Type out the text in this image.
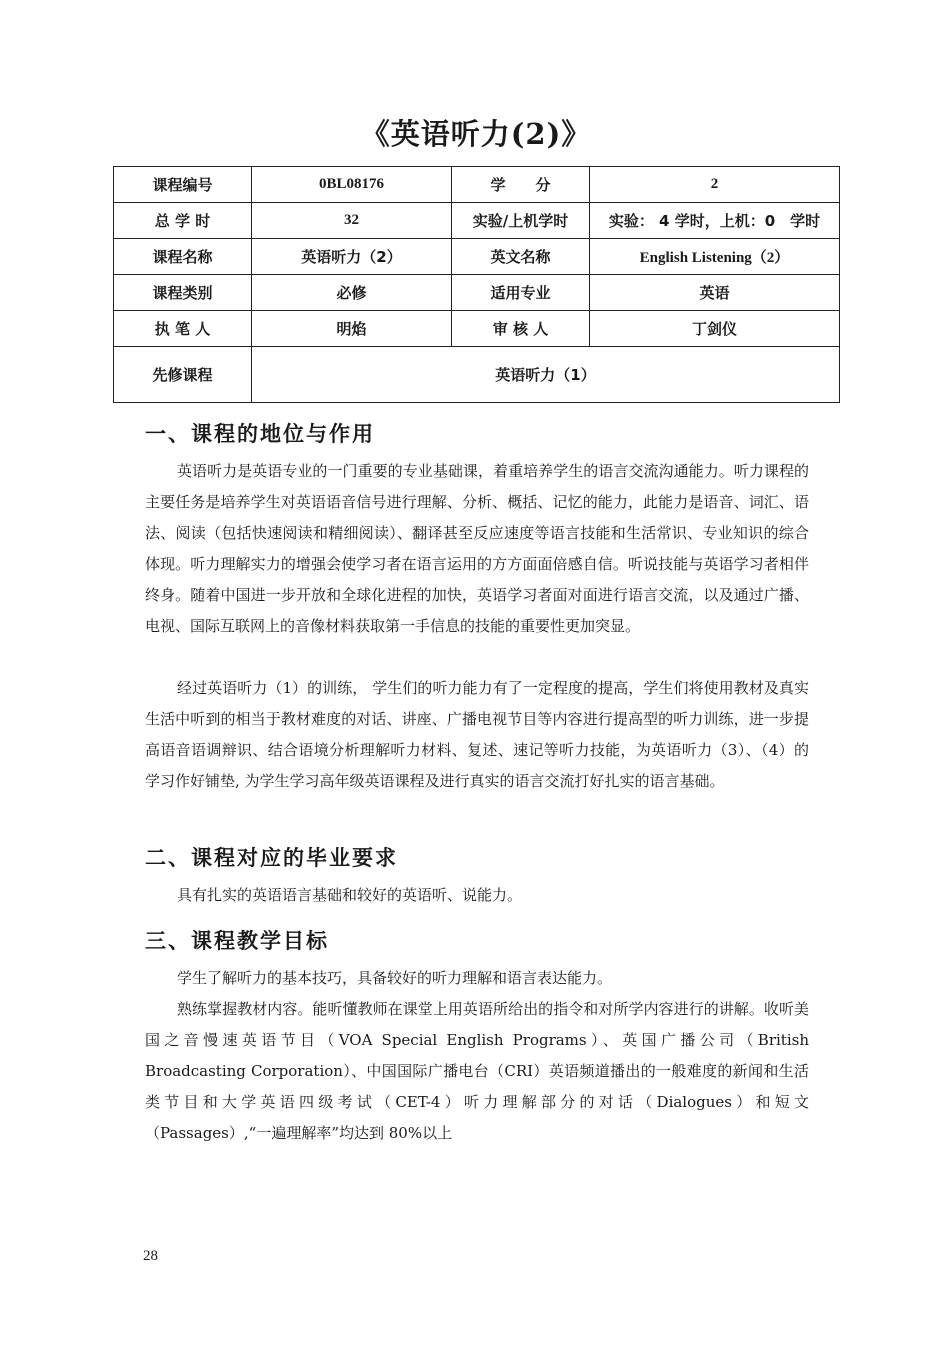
《英语听力(2)》
课程编号	0BL08176	学　　分	2
总 学 时	32	实验/上机学时	实验： 4 学时，上机：0　学时
课程名称	英语听力（2）	英文名称	English Listening（2）
课程类别	必修	适用专业	英语
执 笔 人	明焰	审 核 人	丁剑仪
先修课程	英语听力（1）		
一、课程的地位与作用
英语听力是英语专业的一门重要的专业基础课，着重培养学生的语言交流沟通能力。听力课程的主要任务是培养学生对英语语音信号进行理解、分析、概括、记忆的能力，此能力是语音、词汇、语法、阅读（包括快速阅读和精细阅读）、翻译甚至反应速度等语言技能和生活常识、专业知识的综合体现。听力理解实力的增强会使学习者在语言运用的方方面面倍感自信。听说技能与英语学习者相伴终身。随着中国进一步开放和全球化进程的加快，英语学习者面对面进行语言交流，以及通过广播、电视、国际互联网上的音像材料获取第一手信息的技能的重要性更加突显。
经过英语听力（1）的训练， 学生们的听力能力有了一定程度的提高，学生们将使用教材及真实生活中听到的相当于教材难度的对话、讲座、广播电视节目等内容进行提高型的听力训练，进一步提高语音语调辩识、结合语境分析理解听力材料、复述、速记等听力技能，为英语听力（3）、（4）的学习作好铺垫, 为学生学习高年级英语课程及进行真实的语言交流打好扎实的语言基础。
二、课程对应的毕业要求
具有扎实的英语语言基础和较好的英语听、说能力。
三、课程教学目标
学生了解听力的基本技巧，具备较好的听力理解和语言表达能力。
熟练掌握教材内容。能听懂教师在课堂上用英语所给出的指令和对所学内容进行的讲解。收听美国之音慢速英语节目（VOA Special English Programs）、英国广播公司（British Broadcasting Corporation）、中国国际广播电台（CRI）英语频道播出的一般难度的新闻和生活类节目和大学英语四级考试（CET-4）听力理解部分的对话（Dialogues）和短文（Passages）,“一遍理解率”均达到 80%以上
28
